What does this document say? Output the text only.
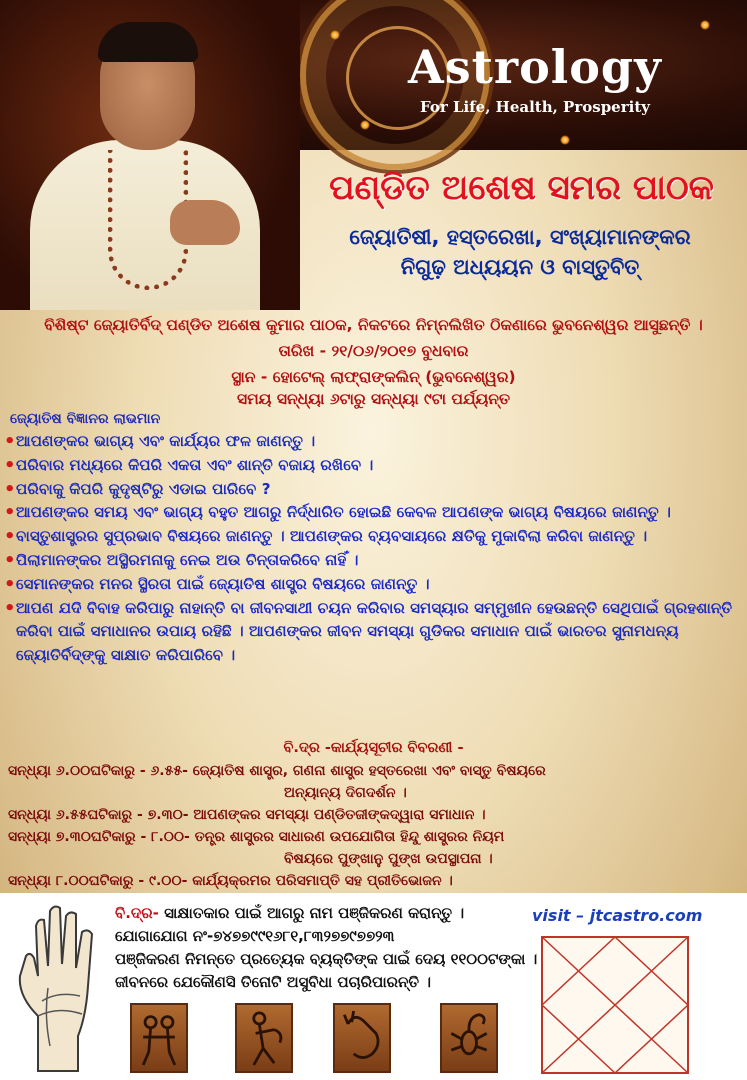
Astrology
For Life, Health, Prosperity
ପଣ୍ଡିତ ଅଶେଷ ସମର ପାଠକ
ଜ୍ୟୋତିଷୀ, ହସ୍ତରେଖା, ସଂଖ୍ୟାମାନଙ୍କର
ନିଗୁଢ଼ ଅଧ୍ୟୟନ ଓ ବାସ୍ତୁବିତ୍
ବିଶିଷ୍ଟ ଜ୍ୟୋତିର୍ବିଦ୍ ପଣ୍ଡିତ ଅଶେଷ କୁମାର ପାଠକ, ନିକଟରେ ନିମ୍ନଲିଖିତ ଠିକଣାରେ ଭୁବନେଶ୍ୱର ଆସୁଛନ୍ତି ।
ତାରିଖ - ୨୧/୦୬/୨୦୧୭ ବୁଧବାର
ସ୍ଥାନ - ହୋଟେଲ୍ ଲାଫ୍ରାଙ୍କଲିନ୍ (ଭୁବନେଶ୍ୱର)
ସମୟ ସନ୍ଧ୍ୟା ୬ଟାରୁ ସନ୍ଧ୍ୟା ୯ଟା ପର୍ଯ୍ୟନ୍ତ
ଜ୍ୟୋତିଷ ବିଜ୍ଞାନର ଲାଭମାନ
• ଆପଣଙ୍କର ଭାଗ୍ୟ ଏବଂ କାର୍ଯ୍ୟର ଫଳ ଜାଣନ୍ତୁ ।
• ପରିବାର ମଧ୍ୟରେ କିପରି ଏକତା ଏବଂ ଶାନ୍ତି ବଜାୟ ରଖିବେ ।
• ପରିବାକୁ କିପରି କୁଦୃଷ୍ଟିରୁ ଏଡାଇ ପାରିବେ ?
• ଆପଣଙ୍କର ସମୟ ଏବଂ ଭାଗ୍ୟ ବହୁତ ଆଗରୁ ନିର୍ଦ୍ଧାରିତ ହୋଇଛି କେବଳ ଆପଣଙ୍କ ଭାଗ୍ୟ ବିଷୟରେ ଜାଣନ୍ତୁ ।
• ବାସ୍ତୁଶାସ୍ତ୍ରର ସୁପ୍ରଭାବ ବିଷୟରେ ଜାଣନ୍ତୁ । ଆପଣଙ୍କର ବ୍ୟବସାୟରେ କ୍ଷତିକୁ ମୁକାବିଲା କରିବା ଜାଣନ୍ତୁ ।
• ପିଲାମାନଙ୍କର ଅସ୍ଥିରମନାକୁ ନେଇ ଅଉ ଚିନ୍ତାକରିବେ ନାହିଁ ।
• ସେମାନଙ୍କର ମନର ସ୍ଥିରତା ପାଇଁ ଜ୍ୟୋତିଷ ଶାସ୍ତ୍ର ବିଷୟରେ ଜାଣନ୍ତୁ ।
• ଆପଣ ଯଦି ବିବାହ କରିପାରୁ ନାହାନ୍ତି ବା ଜୀବନସାଥୀ ଚୟନ କରିବାର ସମସ୍ୟାର ସମ୍ମୁଖୀନ ହେଉଛନ୍ତି ସେଥିପାଇଁ ଗ୍ରହଶାନ୍ତି କରିବା ପାଇଁ ସମାଧାନର ଉପାୟ ରହିଛି । ଆପଣଙ୍କର ଜୀବନ ସମସ୍ୟା ଗୁଡିକର ସମାଧାନ ପାଇଁ ଭାରତର ସୁନାମଧନ୍ୟ ଜ୍ୟୋତିର୍ବିଦ୍‌ଙ୍କୁ ସାକ୍ଷାତ କରିପାରିବେ ।
ବି.ଦ୍ର -କାର୍ଯ୍ୟସୂଚୀର ବିବରଣୀ -
ସନ୍ଧ୍ୟା ୬.୦୦ଘଟିକାରୁ - ୬.୫୫- ଜ୍ୟୋତିଷ ଶାସ୍ତ୍ର, ଗଣନା ଶାସ୍ତ୍ର ହସ୍ତରେଖା ଏବଂ ବାସ୍ତୁ ବିଷୟରେ
ଅନ୍ୟାନ୍ୟ ଦିଗଦର୍ଶନ ।
ସନ୍ଧ୍ୟା ୬.୫୫ଘଟିକାରୁ - ୭.୩୦- ଆପଣଙ୍କର ସମସ୍ୟା ପଣ୍ଡିତଜୀଙ୍କଦ୍ୱାରା ସମାଧାନ ।
ସନ୍ଧ୍ୟା ୭.୩୦ଘଟିକାରୁ - ୮.୦୦- ତନ୍ତ୍ର ଶାସ୍ତ୍ରର ସାଧାରଣ ଉପଯୋଗିତା ହିନ୍ଦୁ ଶାସ୍ତ୍ରର ନିୟମ
ବିଷୟରେ ପୁଙ୍ଖାନୁ ପୁଙ୍ଖ ଉପସ୍ଥାପନା ।
ସନ୍ଧ୍ୟା ୮.୦୦ଘଟିକାରୁ - ୯.୦୦- କାର୍ଯ୍ୟକ୍ରମର ପରିସମାପ୍ତି ସହ ପ୍ରୀତିଭୋଜନ ।
ବି.ଦ୍ର- ସାକ୍ଷାତକାର ପାଇଁ ଆଗରୁ ନାମ ପଞ୍ଜିକରଣ କରାନ୍ତୁ ।
ଯୋଗାଯୋଗ ନଂ-୭୪୭୭୯୯୧୬୮୧,୮୩୨୭୭୯୭୭୨୩
ପଞ୍ଜିକରଣ ନିମନ୍ତେ ପ୍ରତ୍ୟେକ ବ୍ୟକ୍ତିଙ୍କ ପାଇଁ ଦେୟ ୧୧୦୦ଟଙ୍କା ।
ଜୀବନରେ ଯେକୌଣସି ତିନୋଟି ଅସୁବିଧା ପଚାରିପାରନ୍ତି ।
visit – jtcastro.com
